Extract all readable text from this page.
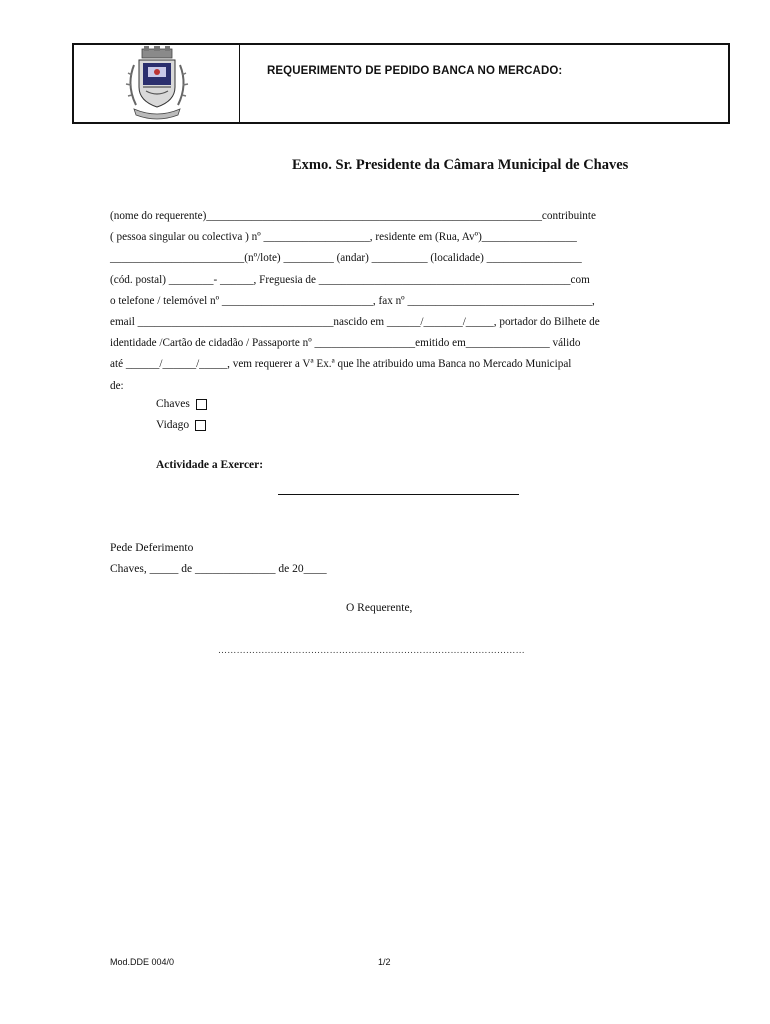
REQUERIMENTO DE PEDIDO BANCA NO MERCADO:
Exmo. Sr. Presidente da Câmara Municipal de Chaves
(nome do requerente)____________________________________________________________contribuinte
( pessoa singular ou colectiva ) nº ___________________, residente em (Rua, Avº)_________________
________________________(nº/lote) _________ (andar) __________ (localidade) _________________
(cód. postal) ________- ______, Freguesia de _____________________________________________com
o telefone / telemóvel nº ___________________________, fax nº _________________________________,
email ___________________________________nascido em ______/_______/_____, portador do Bilhete de
identidade /Cartão de cidadão / Passaporte nº __________________emitido em_______________ válido
até ______/______/_____, vem requerer a Vª Ex.ª que lhe atribuido uma Banca no Mercado Municipal
de:
Chaves
Vidago
Actividade a Exercer:
Pede Deferimento
Chaves, _____ de ______________ de 20____
O Requerente,
………………………………………………………………………………………
Mod.DDE 004/0	1/2
